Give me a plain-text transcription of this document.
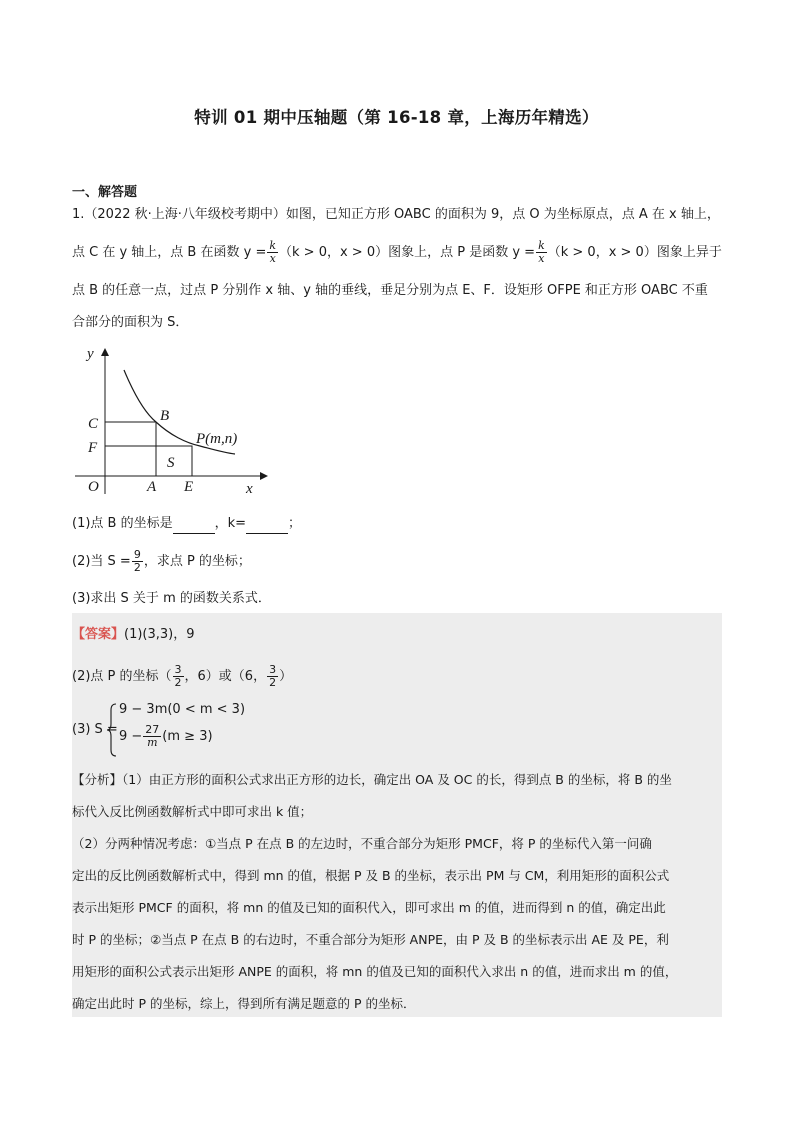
特训 01 期中压轴题（第 16-18 章，上海历年精选）
一、解答题
1.（2022 秋·上海·八年级校考期中）如图，已知正方形 OABC 的面积为 9，点 O 为坐标原点，点 A 在 x 轴上，
点 C 在 y 轴上，点 B 在函数 $y = \frac{k}{x} (k > 0$，x > 0）图象上，点 P 是函数 $y = \frac{k}{x} (k > 0$，x > 0）图象上异于
点 B 的任意一点，过点 P 分别作 x 轴、y 轴的垂线，垂足分别为点 E、F．设矩形 OFPE 和正方形 OABC 不重
合部分的面积为 S．
y
x
O	A E
C
F
B
S
P(m,n)
(1)点 B 的坐标是	，k=	；
(2)当 $S = \frac{9}{2}$ ，求点 P 的坐标；
(3)求出 S 关于 m 的函数关系式．
【答案】(1)(3,3)，9
(2)点 P 的坐标（ $\frac{3}{2}$ ，6）或（6， $\frac{3}{2}$ ）
(3) S =
9 − 3m(0 < m < 3)
$9 - \frac{27}{m} (m \ge 3)$
【分析】（1）由正方形的面积公式求出正方形的边长，确定出 OA 及 OC 的长，得到点 B 的坐标，将 B 的坐
标代入反比例函数解析式中即可求出 k 值；
（2）分两种情况考虑：①当点 P 在点 B 的左边时，不重合部分为矩形 PMCF，将 P 的坐标代入第一问确
定出的反比例函数解析式中，得到 mn 的值，根据 P 及 B 的坐标，表示出 PM 与 CM，利用矩形的面积公式
表示出矩形 PMCF 的面积，将 mn 的值及已知的面积代入，即可求出 m 的值，进而得到 n 的值，确定出此
时 P 的坐标；②当点 P 在点 B 的右边时，不重合部分为矩形 ANPE，由 P 及 B 的坐标表示出 AE 及 PE，利
用矩形的面积公式表示出矩形 ANPE 的面积，将 mn 的值及已知的面积代入求出 n 的值，进而求出 m 的值，
确定出此时 P 的坐标，综上，得到所有满足题意的 P 的坐标．
